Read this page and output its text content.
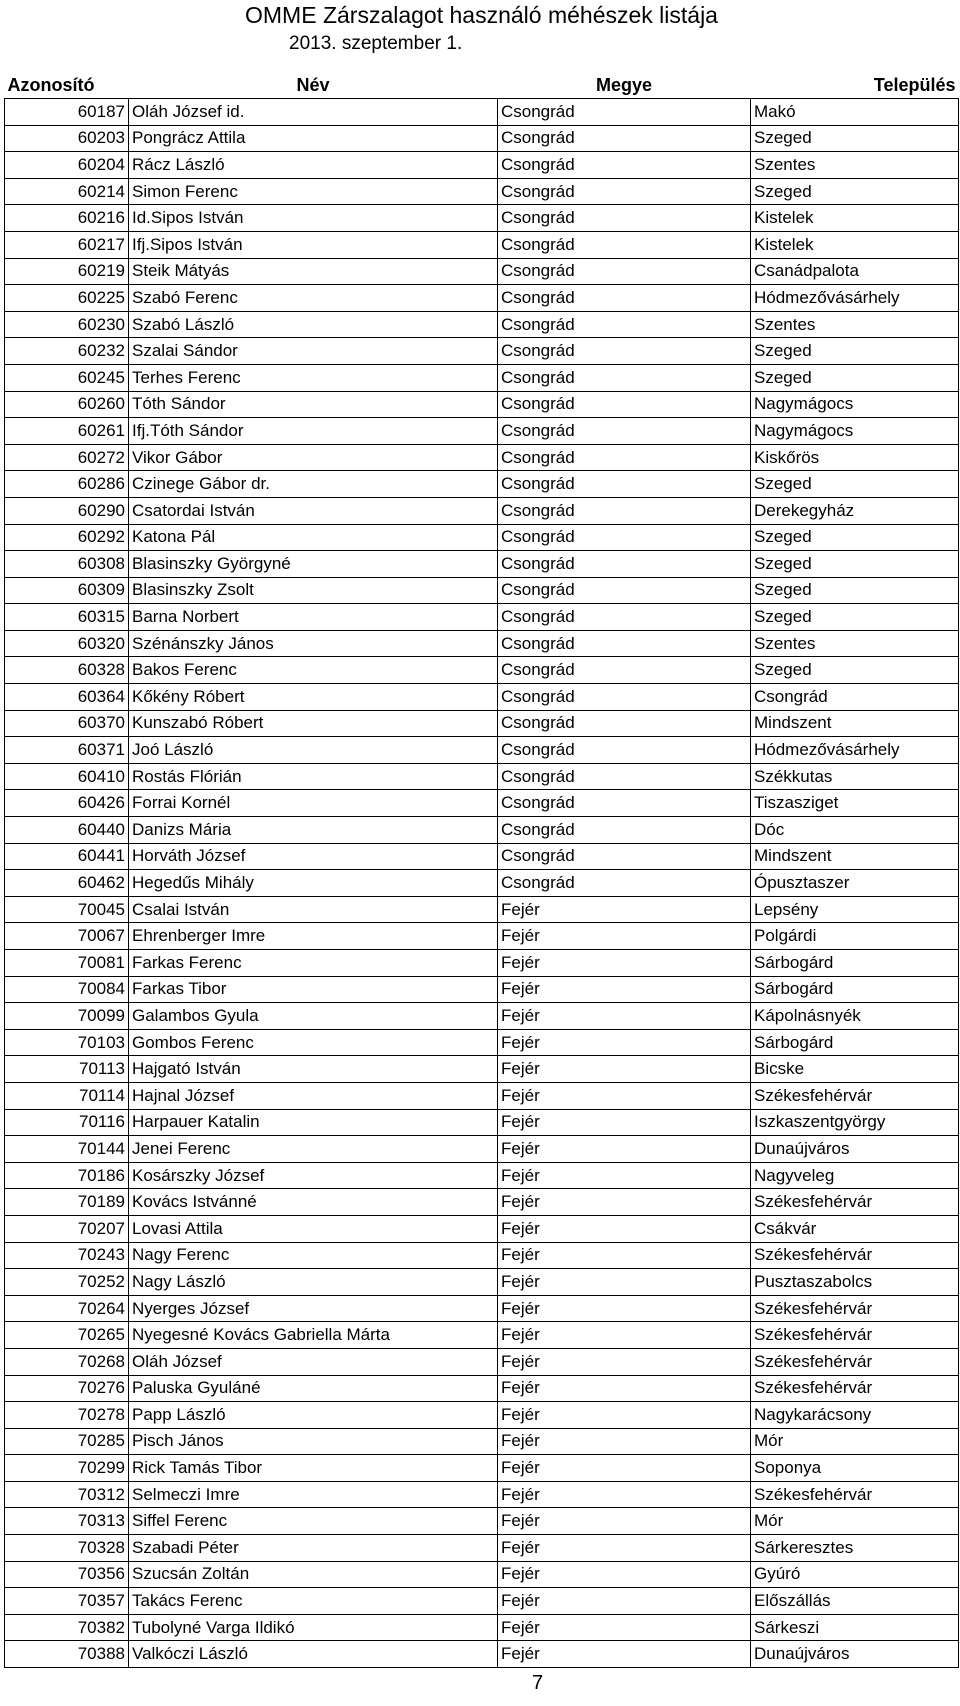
OMME Zárszalagot használó méhészek listája
2013. szeptember 1.
Azonosító	Név	Megye	Település
60187	Oláh József id.	Csongrád	Makó
60203	Pongrácz Attila	Csongrád	Szeged
60204	Rácz László	Csongrád	Szentes
60214	Simon Ferenc	Csongrád	Szeged
60216	Id.Sipos István	Csongrád	Kistelek
60217	Ifj.Sipos István	Csongrád	Kistelek
60219	Steik Mátyás	Csongrád	Csanádpalota
60225	Szabó Ferenc	Csongrád	Hódmezővásárhely
60230	Szabó László	Csongrád	Szentes
60232	Szalai Sándor	Csongrád	Szeged
60245	Terhes Ferenc	Csongrád	Szeged
60260	Tóth Sándor	Csongrád	Nagymágocs
60261	Ifj.Tóth Sándor	Csongrád	Nagymágocs
60272	Vikor Gábor	Csongrád	Kiskőrös
60286	Czinege Gábor dr.	Csongrád	Szeged
60290	Csatordai István	Csongrád	Derekegyház
60292	Katona Pál	Csongrád	Szeged
60308	Blasinszky Györgyné	Csongrád	Szeged
60309	Blasinszky Zsolt	Csongrád	Szeged
60315	Barna Norbert	Csongrád	Szeged
60320	Szénánszky János	Csongrád	Szentes
60328	Bakos Ferenc	Csongrád	Szeged
60364	Kőkény Róbert	Csongrád	Csongrád
60370	Kunszabó Róbert	Csongrád	Mindszent
60371	Joó László	Csongrád	Hódmezővásárhely
60410	Rostás Flórián	Csongrád	Székkutas
60426	Forrai Kornél	Csongrád	Tiszasziget
60440	Danizs Mária	Csongrád	Dóc
60441	Horváth József	Csongrád	Mindszent
60462	Hegedűs Mihály	Csongrád	Ópusztaszer
70045	Csalai István	Fejér	Lepsény
70067	Ehrenberger Imre	Fejér	Polgárdi
70081	Farkas Ferenc	Fejér	Sárbogárd
70084	Farkas Tibor	Fejér	Sárbogárd
70099	Galambos Gyula	Fejér	Kápolnásnyék
70103	Gombos Ferenc	Fejér	Sárbogárd
70113	Hajgató István	Fejér	Bicske
70114	Hajnal József	Fejér	Székesfehérvár
70116	Harpauer Katalin	Fejér	Iszkaszentgyörgy
70144	Jenei Ferenc	Fejér	Dunaújváros
70186	Kosárszky József	Fejér	Nagyveleg
70189	Kovács Istvánné	Fejér	Székesfehérvár
70207	Lovasi Attila	Fejér	Csákvár
70243	Nagy Ferenc	Fejér	Székesfehérvár
70252	Nagy László	Fejér	Pusztaszabolcs
70264	Nyerges József	Fejér	Székesfehérvár
70265	Nyegesné Kovács Gabriella Márta	Fejér	Székesfehérvár
70268	Oláh József	Fejér	Székesfehérvár
70276	Paluska Gyuláné	Fejér	Székesfehérvár
70278	Papp László	Fejér	Nagykarácsony
70285	Pisch János	Fejér	Mór
70299	Rick Tamás Tibor	Fejér	Soponya
70312	Selmeczi Imre	Fejér	Székesfehérvár
70313	Siffel Ferenc	Fejér	Mór
70328	Szabadi Péter	Fejér	Sárkeresztes
70356	Szucsán Zoltán	Fejér	Gyúró
70357	Takács Ferenc	Fejér	Előszállás
70382	Tubolyné Varga Ildikó	Fejér	Sárkeszi
70388	Valkóczi László	Fejér	Dunaújváros
7
